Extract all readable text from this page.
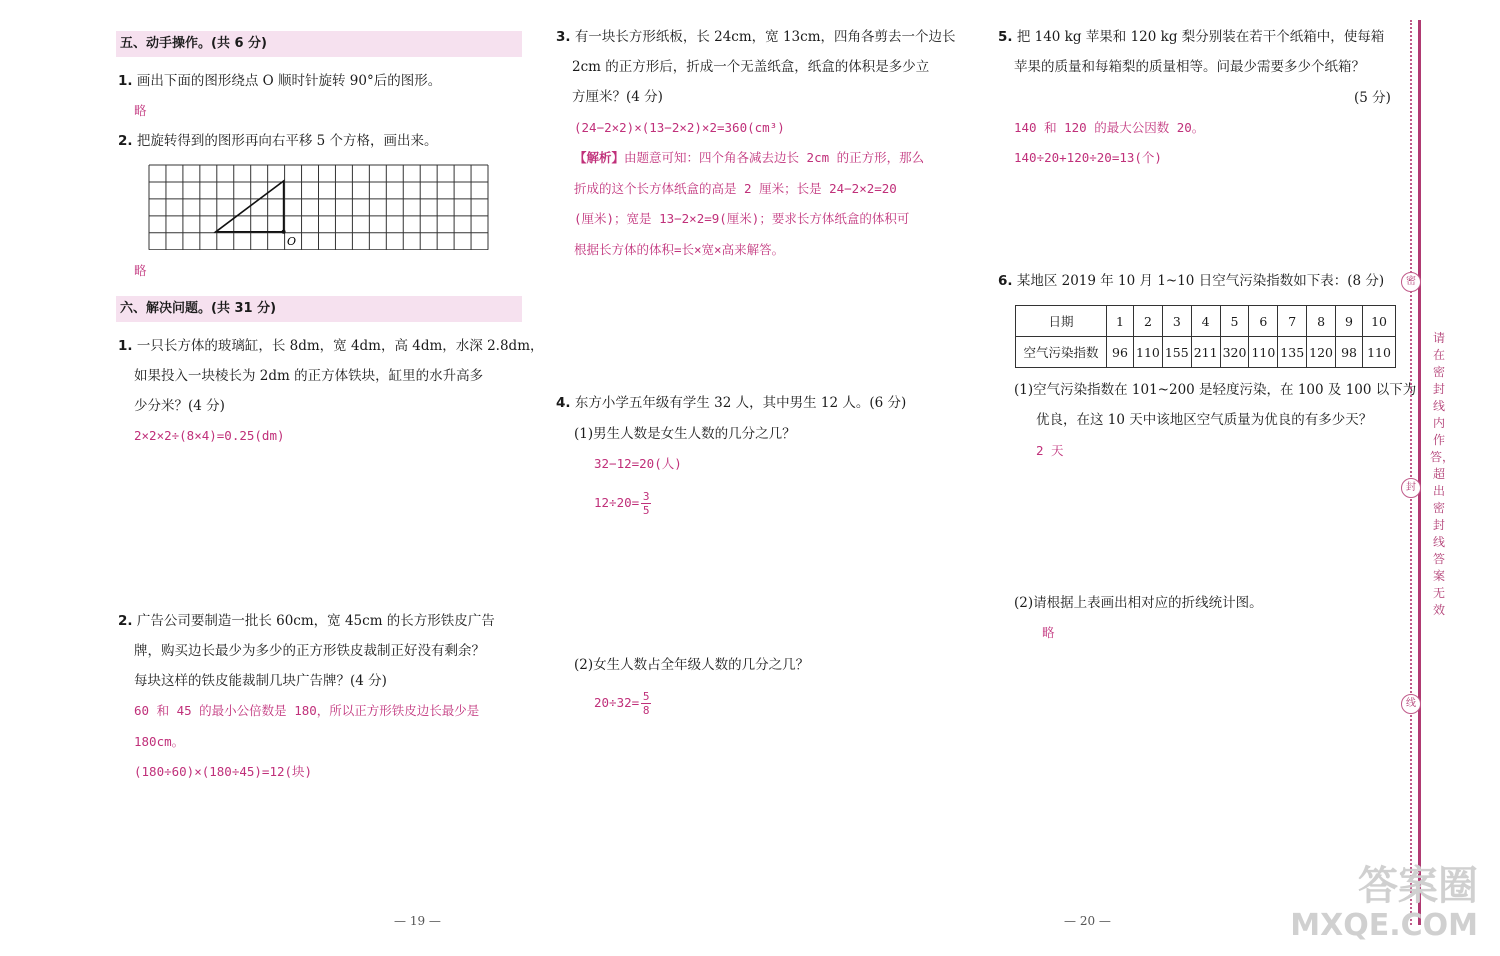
五、动手操作。(共 6 分)
1. 画出下面的图形绕点 O 顺时针旋转 90°后的图形。
略
2. 把旋转得到的图形再向右平移 5 个方格，画出来。
O
略
六、解决问题。(共 31 分)
1. 一只长方体的玻璃缸，长 8dm，宽 4dm，高 4dm，水深 2.8dm，
如果投入一块棱长为 2dm 的正方体铁块，缸里的水升高多
少分米？(4 分)
2×2×2÷(8×4)=0.25(dm)
2. 广告公司要制造一批长 60cm，宽 45cm 的长方形铁皮广告
牌，购买边长最少为多少的正方形铁皮裁制正好没有剩余？
每块这样的铁皮能裁制几块广告牌？(4 分)
60 和 45 的最小公倍数是 180，所以正方形铁皮边长最少是
180cm。
(180÷60)×(180÷45)=12(块)
— 19 —
3. 有一块长方形纸板，长 24cm，宽 13cm，四角各剪去一个边长
2cm 的正方形后，折成一个无盖纸盒，纸盒的体积是多少立
方厘米？(4 分)
(24−2×2)×(13−2×2)×2=360(cm³)
【解析】由题意可知：四个角各减去边长 2cm 的正方形，那么
折成的这个长方体纸盒的高是 2 厘米；长是 24−2×2=20
(厘米)；宽是 13−2×2=9(厘米)；要求长方体纸盒的体积可
根据长方体的体积=长×宽×高来解答。
4. 东方小学五年级有学生 32 人，其中男生 12 人。(6 分)
(1)男生人数是女生人数的几分之几？
32−12=20(人)
$12\div 20= \frac{3}{5}$
(2)女生人数占全年级人数的几分之几？
$20\div 32= \frac{5}{8}$
5. 把 140 kg 苹果和 120 kg 梨分别装在若干个纸箱中，使每箱
苹果的质量和每箱梨的质量相等。问最少需要多少个纸箱？
(5 分)
140 和 120 的最大公因数 20。
140÷20+120÷20=13(个)
6. 某地区 2019 年 10 月 1~10 日空气污染指数如下表：(8 分)
日期	1	2	3	4	5	6	7	8	9	10
空气污染指数	96	110	155	211	320	110	135	120	98	110
(1)空气污染指数在 101~200 是轻度污染，在 100 及 100 以下为
优良，在这 10 天中该地区空气质量为优良的有多少天？
2 天
(2)请根据上表画出相对应的折线统计图。
略
— 20 —
密
封
线
请在密封线内作答，超出密封线答案无效
答案圈
MXQE.COM
